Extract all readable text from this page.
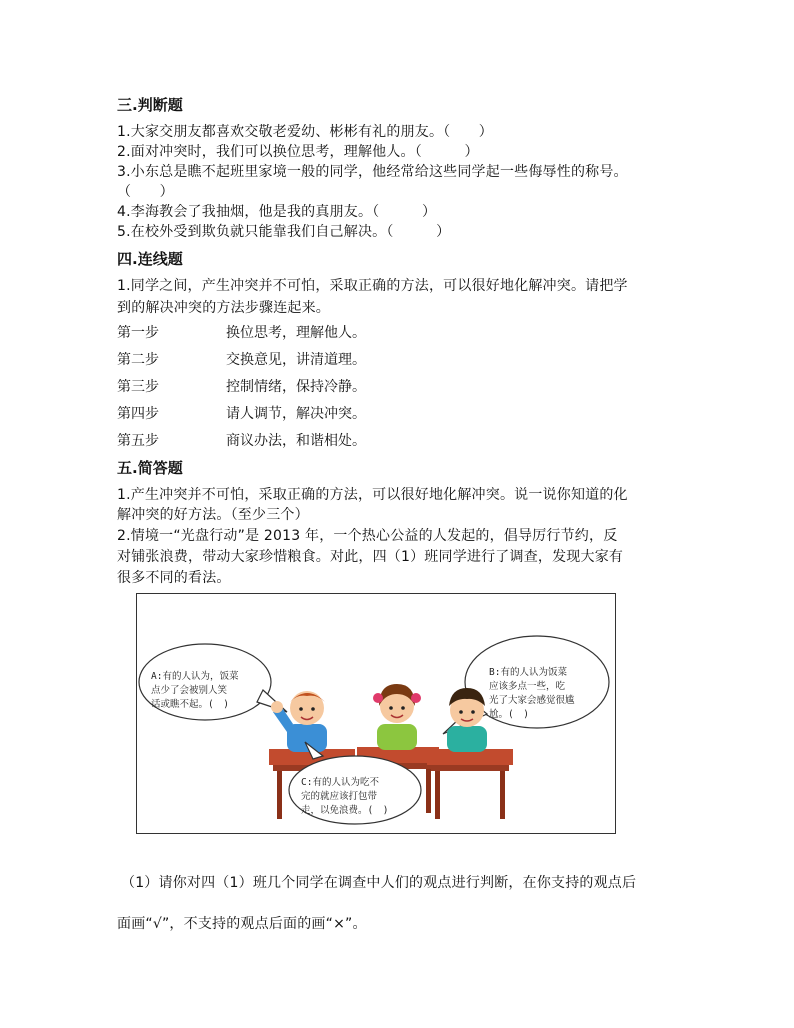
三.判断题
1.大家交朋友都喜欢交敬老爱幼、彬彬有礼的朋友。（　　）
2.面对冲突时，我们可以换位思考，理解他人。（　　　）
3.小东总是瞧不起班里家境一般的同学，他经常给这些同学起一些侮辱性的称号。
（　　）
4.李海教会了我抽烟，他是我的真朋友。（　　　）
5.在校外受到欺负就只能靠我们自己解决。（　　　）
四.连线题
1.同学之间，产生冲突并不可怕，采取正确的方法，可以很好地化解冲突。请把学
到的解决冲突的方法步骤连起来。
第一步	换位思考，理解他人。
第二步	交换意见，讲清道理。
第三步	控制情绪，保持冷静。
第四步	请人调节，解决冲突。
第五步	商议办法，和谐相处。
五.简答题
1.产生冲突并不可怕，采取正确的方法，可以很好地化解冲突。说一说你知道的化
解冲突的好方法。（至少三个）
2.情境一“光盘行动”是 2013 年，一个热心公益的人发起的，倡导厉行节约，反
对铺张浪费，带动大家珍惜粮食。对此，四（1）班同学进行了调查，发现大家有
很多不同的看法。
A:有的人认为，饭菜
点少了会被别人笑
话或瞧不起。(　)
B:有的人认为饭菜
应该多点一些，吃
光了大家会感觉很尴
尬。(　)
C:有的人认为吃不
完的就应该打包带
走，以免浪费。(　)
（1）请你对四（1）班几个同学在调查中人们的观点进行判断，在你支持的观点后
面画“√”，不支持的观点后面的画“×”。
